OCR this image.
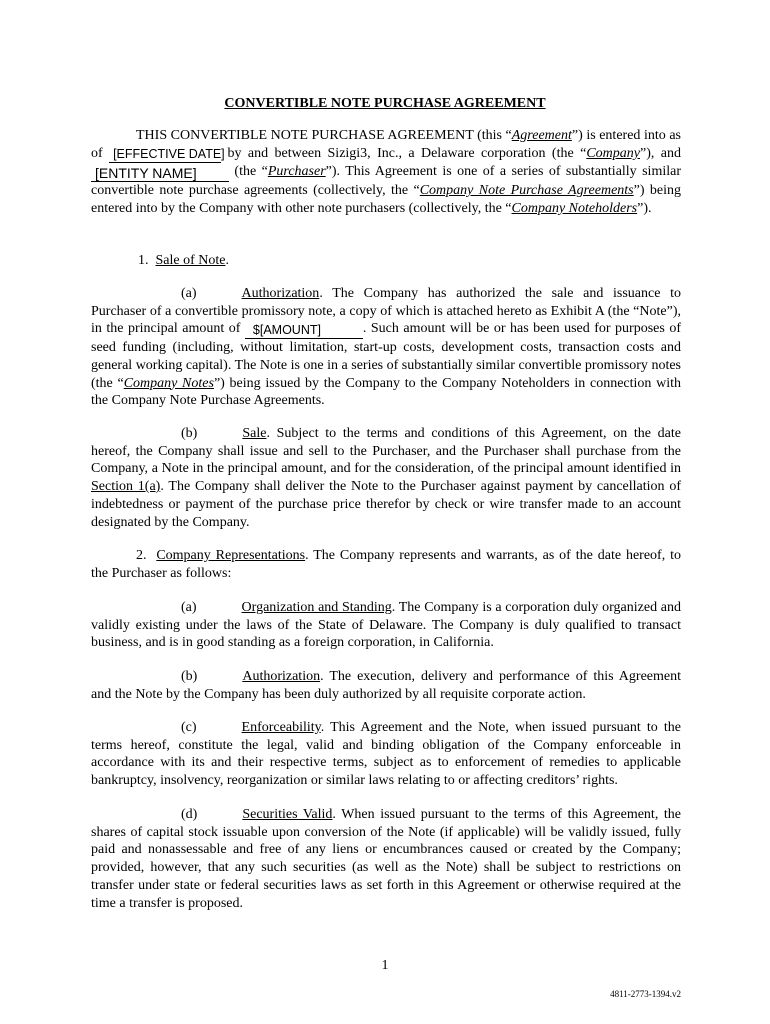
CONVERTIBLE NOTE PURCHASE AGREEMENT
THIS CONVERTIBLE NOTE PURCHASE AGREEMENT (this “Agreement”) is entered into as of [EFFECTIVE DATE]
by and between Sizigi3, Inc., a Delaware corporation (the “Company”), and
[ENTITY NAME] (the “Purchaser”). This Agreement is one of a series of substantially similar convertible note purchase agreements (collectively, the “Company Note Purchase Agreements”) being entered into by the Company with other note purchasers (collectively, the “Company Noteholders”).
1. Sale of Note.
(a)	Authorization. The Company has authorized the sale and issuance to Purchaser of a convertible promissory note, a copy of which is attached hereto as Exhibit A (the “Note”), in the principal amount of $[AMOUNT]	. Such amount will be or has been used for purposes of seed funding (including, without limitation, start-up costs, development costs, transaction costs and general working capital). The Note is one in a series of substantially similar convertible promissory notes (the “Company Notes”) being issued by the Company to the Company Noteholders in connection with the Company Note Purchase Agreements.
(b)	Sale. Subject to the terms and conditions of this Agreement, on the date hereof, the Company shall issue and sell to the Purchaser, and the Purchaser shall purchase from the Company, a Note in the principal amount, and for the consideration, of the principal amount identified in Section 1(a). The Company shall deliver the Note to the Purchaser against payment by cancellation of indebtedness or payment of the purchase price therefor by check or wire transfer made to an account designated by the Company.
2. Company Representations. The Company represents and warrants, as of the date hereof, to the Purchaser as follows:
(a)	Organization and Standing. The Company is a corporation duly organized and validly existing under the laws of the State of Delaware. The Company is duly qualified to transact business, and is in good standing as a foreign corporation, in California.
(b)	Authorization. The execution, delivery and performance of this Agreement and the Note by the Company has been duly authorized by all requisite corporate action.
(c)	Enforceability. This Agreement and the Note, when issued pursuant to the terms hereof, constitute the legal, valid and binding obligation of the Company enforceable in accordance with its and their respective terms, subject as to enforcement of remedies to applicable bankruptcy, insolvency, reorganization or similar laws relating to or affecting creditors’ rights.
(d)	Securities Valid. When issued pursuant to the terms of this Agreement, the shares of capital stock issuable upon conversion of the Note (if applicable) will be validly issued, fully paid and nonassessable and free of any liens or encumbrances caused or created by the Company; provided, however, that any such securities (as well as the Note) shall be subject to restrictions on transfer under state or federal securities laws as set forth in this Agreement or otherwise required at the time a transfer is proposed.
1
4811-2773-1394.v2
